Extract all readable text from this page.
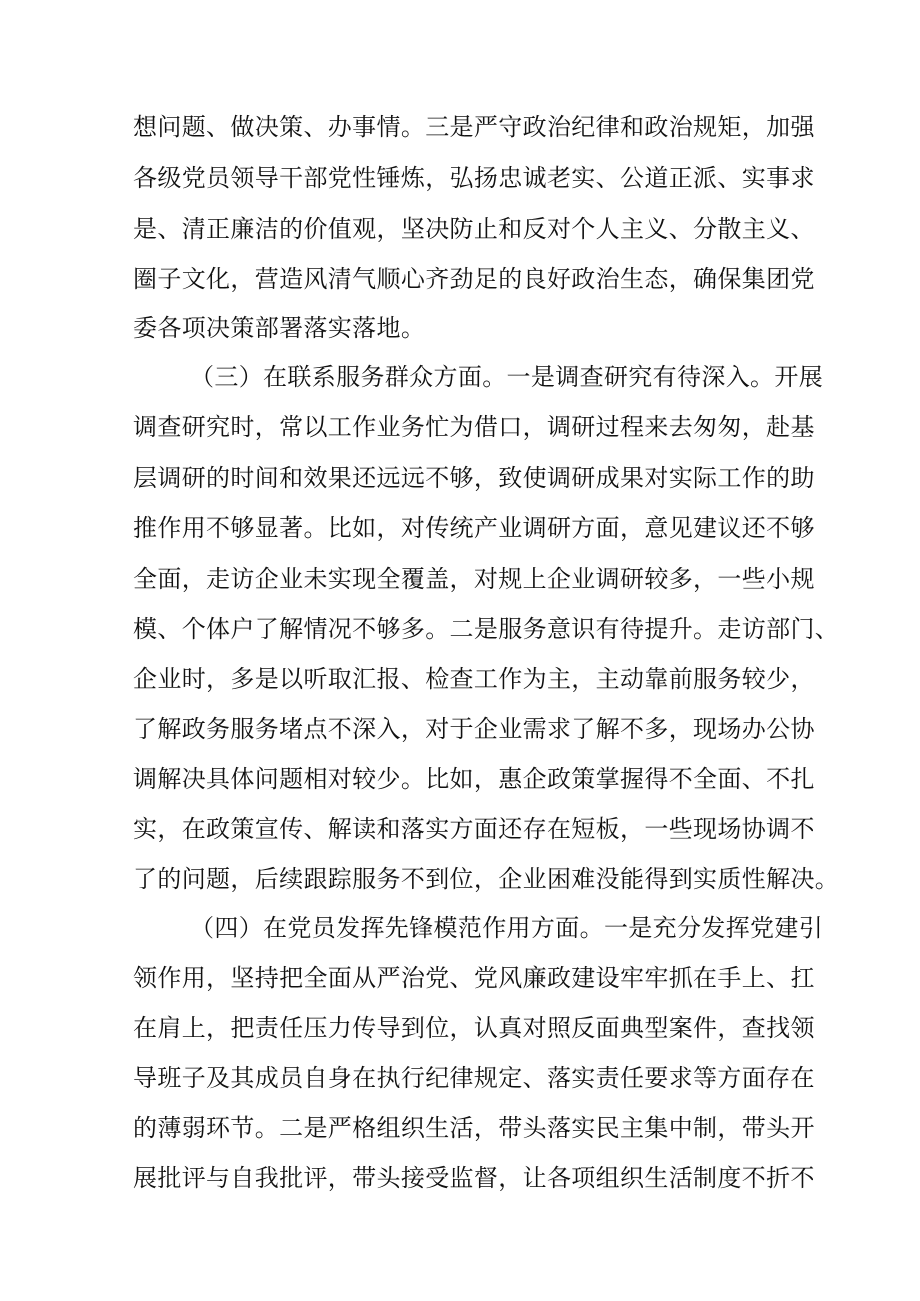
想问题、做决策、办事情。三是严守政治纪律和政治规矩，加强
各级党员领导干部党性锤炼，弘扬忠诚老实、公道正派、实事求
是、清正廉洁的价值观，坚决防止和反对个人主义、分散主义、
圈子文化，营造风清气顺心齐劲足的良好政治生态，确保集团党
委各项决策部署落实落地。
（三）在联系服务群众方面。一是调查研究有待深入。开展
调查研究时，常以工作业务忙为借口，调研过程来去匆匆，赴基
层调研的时间和效果还远远不够，致使调研成果对实际工作的助
推作用不够显著。比如，对传统产业调研方面，意见建议还不够
全面，走访企业未实现全覆盖，对规上企业调研较多，一些小规
模、个体户了解情况不够多。二是服务意识有待提升。走访部门、
企业时，多是以听取汇报、检查工作为主，主动靠前服务较少，
了解政务服务堵点不深入，对于企业需求了解不多，现场办公协
调解决具体问题相对较少。比如，惠企政策掌握得不全面、不扎
实，在政策宣传、解读和落实方面还存在短板，一些现场协调不
了的问题，后续跟踪服务不到位，企业困难没能得到实质性解决。
（四）在党员发挥先锋模范作用方面。一是充分发挥党建引
领作用，坚持把全面从严治党、党风廉政建设牢牢抓在手上、扛
在肩上，把责任压力传导到位，认真对照反面典型案件，查找领
导班子及其成员自身在执行纪律规定、落实责任要求等方面存在
的薄弱环节。二是严格组织生活，带头落实民主集中制，带头开
展批评与自我批评，带头接受监督，让各项组织生活制度不折不
